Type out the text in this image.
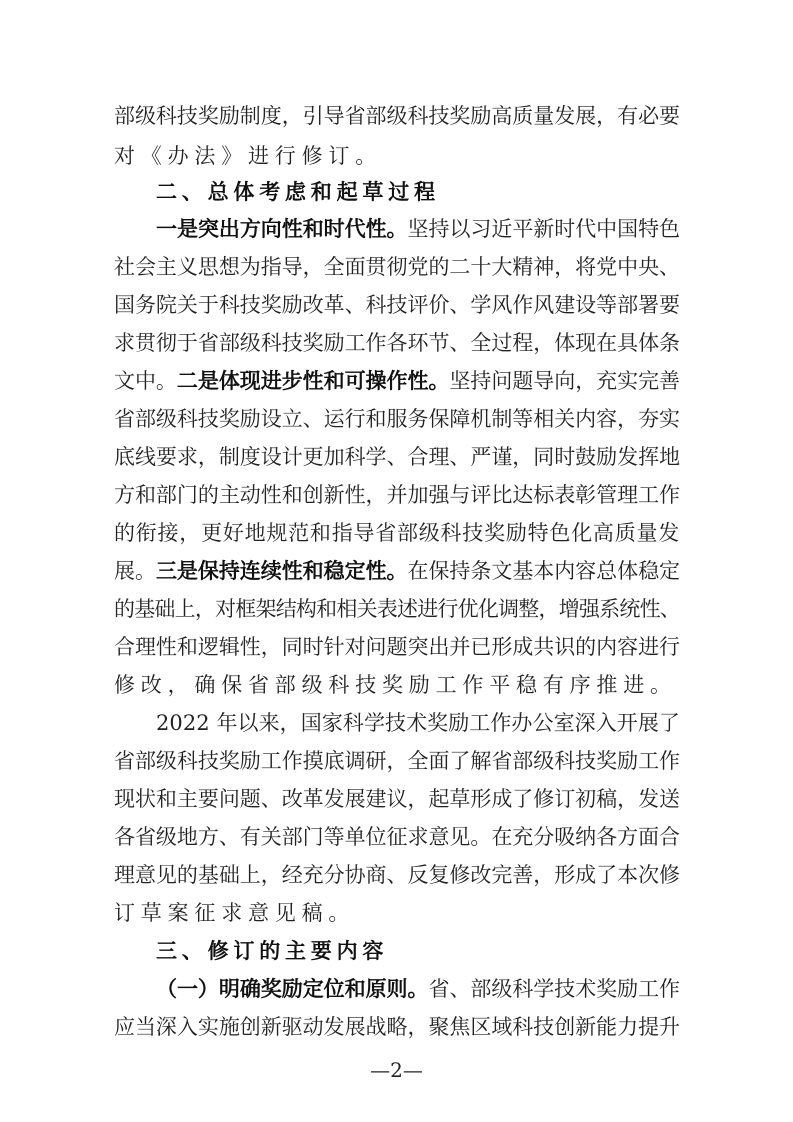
部级科技奖励制度，引导省部级科技奖励高质量发展，有必要
对《办法》进行修订。
二、总体考虑和起草过程
一是突出方向性和时代性。坚持以习近平新时代中国特色
社会主义思想为指导，全面贯彻党的二十大精神，将党中央、
国务院关于科技奖励改革、科技评价、学风作风建设等部署要
求贯彻于省部级科技奖励工作各环节、全过程，体现在具体条
文中。二是体现进步性和可操作性。坚持问题导向，充实完善
省部级科技奖励设立、运行和服务保障机制等相关内容，夯实
底线要求，制度设计更加科学、合理、严谨，同时鼓励发挥地
方和部门的主动性和创新性，并加强与评比达标表彰管理工作
的衔接，更好地规范和指导省部级科技奖励特色化高质量发
展。三是保持连续性和稳定性。在保持条文基本内容总体稳定
的基础上，对框架结构和相关表述进行优化调整，增强系统性、
合理性和逻辑性，同时针对问题突出并已形成共识的内容进行
修改，确保省部级科技奖励工作平稳有序推进。
2022 年以来，国家科学技术奖励工作办公室深入开展了
省部级科技奖励工作摸底调研，全面了解省部级科技奖励工作
现状和主要问题、改革发展建议，起草形成了修订初稿，发送
各省级地方、有关部门等单位征求意见。在充分吸纳各方面合
理意见的基础上，经充分协商、反复修改完善，形成了本次修
订草案征求意见稿。
三、修订的主要内容
（一）明确奖励定位和原则。省、部级科学技术奖励工作
应当深入实施创新驱动发展战略，聚焦区域科技创新能力提升
—2—
